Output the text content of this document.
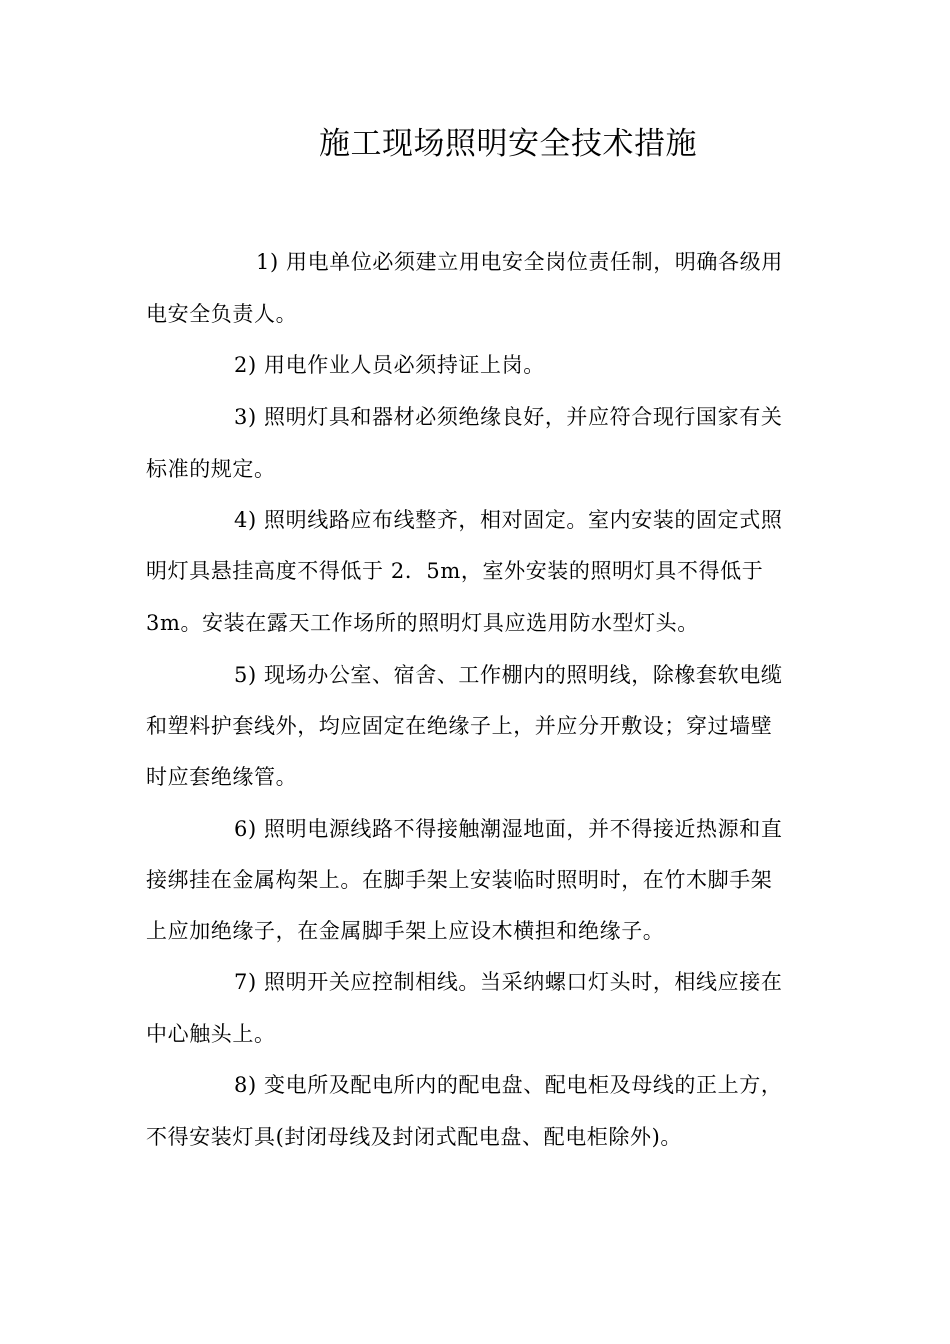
施工现场照明安全技术措施

1) 用电单位必须建立用电安全岗位责任制，明确各级用

电安全负责人。

2) 用电作业人员必须持证上岗。

3) 照明灯具和器材必须绝缘良好，并应符合现行国家有关

标准的规定。

4) 照明线路应布线整齐，相对固定。室内安装的固定式照

明灯具悬挂高度不得低于 2．5m，室外安装的照明灯具不得低于

3m。安装在露天工作场所的照明灯具应选用防水型灯头。

5) 现场办公室、宿舍、工作棚内的照明线，除橡套软电缆

和塑料护套线外，均应固定在绝缘子上，并应分开敷设；穿过墙壁

时应套绝缘管。

6) 照明电源线路不得接触潮湿地面，并不得接近热源和直

接绑挂在金属构架上。在脚手架上安装临时照明时，在竹木脚手架

上应加绝缘子，在金属脚手架上应设木横担和绝缘子。

7) 照明开关应控制相线。当采纳螺口灯头时，相线应接在

中心触头上。

8) 变电所及配电所内的配电盘、配电柜及母线的正上方，

不得安装灯具(封闭母线及封闭式配电盘、配电柜除外)。
